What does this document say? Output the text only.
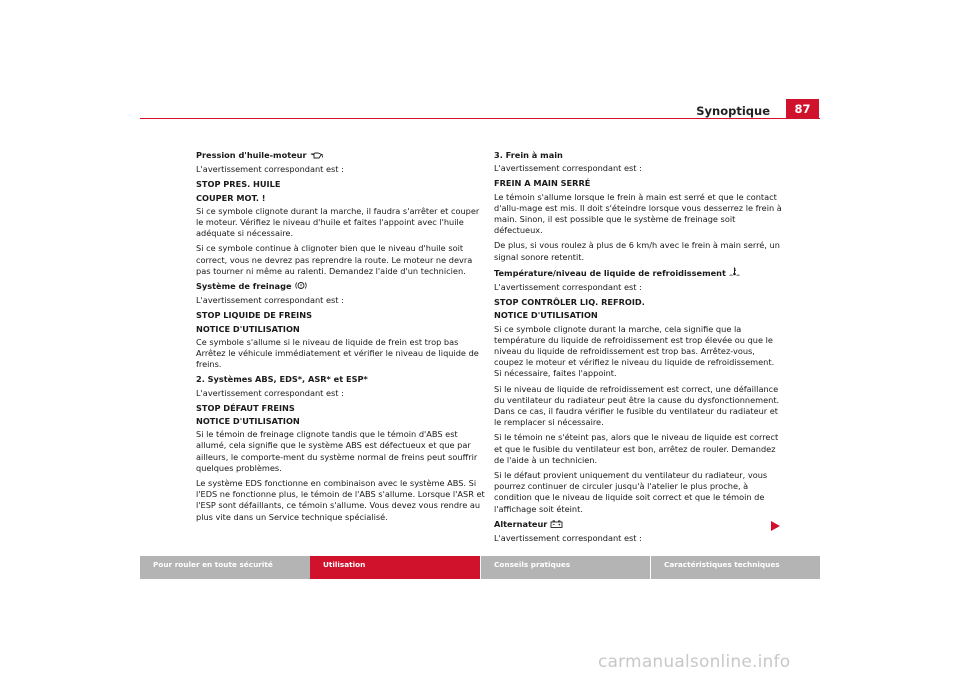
Synoptique	87

Pression d'huile-moteur

L'avertissement correspondant est :

STOP PRES. HUILE

COUPER MOT. !

Si ce symbole clignote durant la marche, il faudra s'arrêter et couper le moteur. Vérifiez le niveau d'huile et faites l'appoint avec l'huile adéquate si nécessaire.

Si ce symbole continue à clignoter bien que le niveau d'huile soit correct, vous ne devrez pas reprendre la route. Le moteur ne devra pas tourner ni même au ralenti. Demandez l'aide d'un technicien.

Système de freinage

L'avertissement correspondant est :

STOP LIQUIDE DE FREINS

NOTICE D'UTILISATION

Ce symbole s'allume si le niveau de liquide de frein est trop bas Arrêtez le véhicule immédiatement et vérifier le niveau de liquide de freins.

2. Systèmes ABS, EDS*, ASR* et ESP*

L'avertissement correspondant est :

STOP DÉFAUT FREINS

NOTICE D'UTILISATION

Si le témoin de freinage clignote tandis que le témoin d'ABS est allumé, cela signifie que le système ABS est défectueux et que par ailleurs, le comporte-ment du système normal de freins peut souffrir quelques problèmes.

Le système EDS fonctionne en combinaison avec le système ABS. Si l'EDS ne fonctionne plus, le témoin de l'ABS s'allume. Lorsque l'ASR et l'ESP sont défaillants, ce témoin s'allume. Vous devez vous rendre au plus vite dans un Service technique spécialisé.

3. Frein à main

L'avertissement correspondant est :

FREIN A MAIN SERRÉ

Le témoin s'allume lorsque le frein à main est serré et que le contact d'allu-mage est mis. Il doit s'éteindre lorsque vous desserrez le frein à main. Sinon, il est possible que le système de freinage soit défectueux.

De plus, si vous roulez à plus de 6 km/h avec le frein à main serré, un signal sonore retentit.

Température/niveau de liquide de refroidissement

L'avertissement correspondant est :

STOP CONTRÔLER LIQ. REFROID.

NOTICE D'UTILISATION

Si ce symbole clignote durant la marche, cela signifie que la température du liquide de refroidissement est trop élevée ou que le niveau du liquide de refroidissement est trop bas. Arrêtez-vous, coupez le moteur et vérifiez le niveau du liquide de refroidissement. Si nécessaire, faites l'appoint.

Si le niveau de liquide de refroidissement est correct, une défaillance du ventilateur du radiateur peut être la cause du dysfonctionnement. Dans ce cas, il faudra vérifier le fusible du ventilateur du radiateur et le remplacer si nécessaire.

Si le témoin ne s'éteint pas, alors que le niveau de liquide est correct et que le fusible du ventilateur est bon, arrêtez de rouler. Demandez de l'aide à un technicien.

Si le défaut provient uniquement du ventilateur du radiateur, vous pourrez continuer de circuler jusqu'à l'atelier le plus proche, à condition que le niveau de liquide soit correct et que le témoin de l'affichage soit éteint.

Alternateur

L'avertissement correspondant est :

Pour rouler en toute sécurité	Utilisation	Conseils pratiques	Caractéristiques techniques
carmanualsonline.info
